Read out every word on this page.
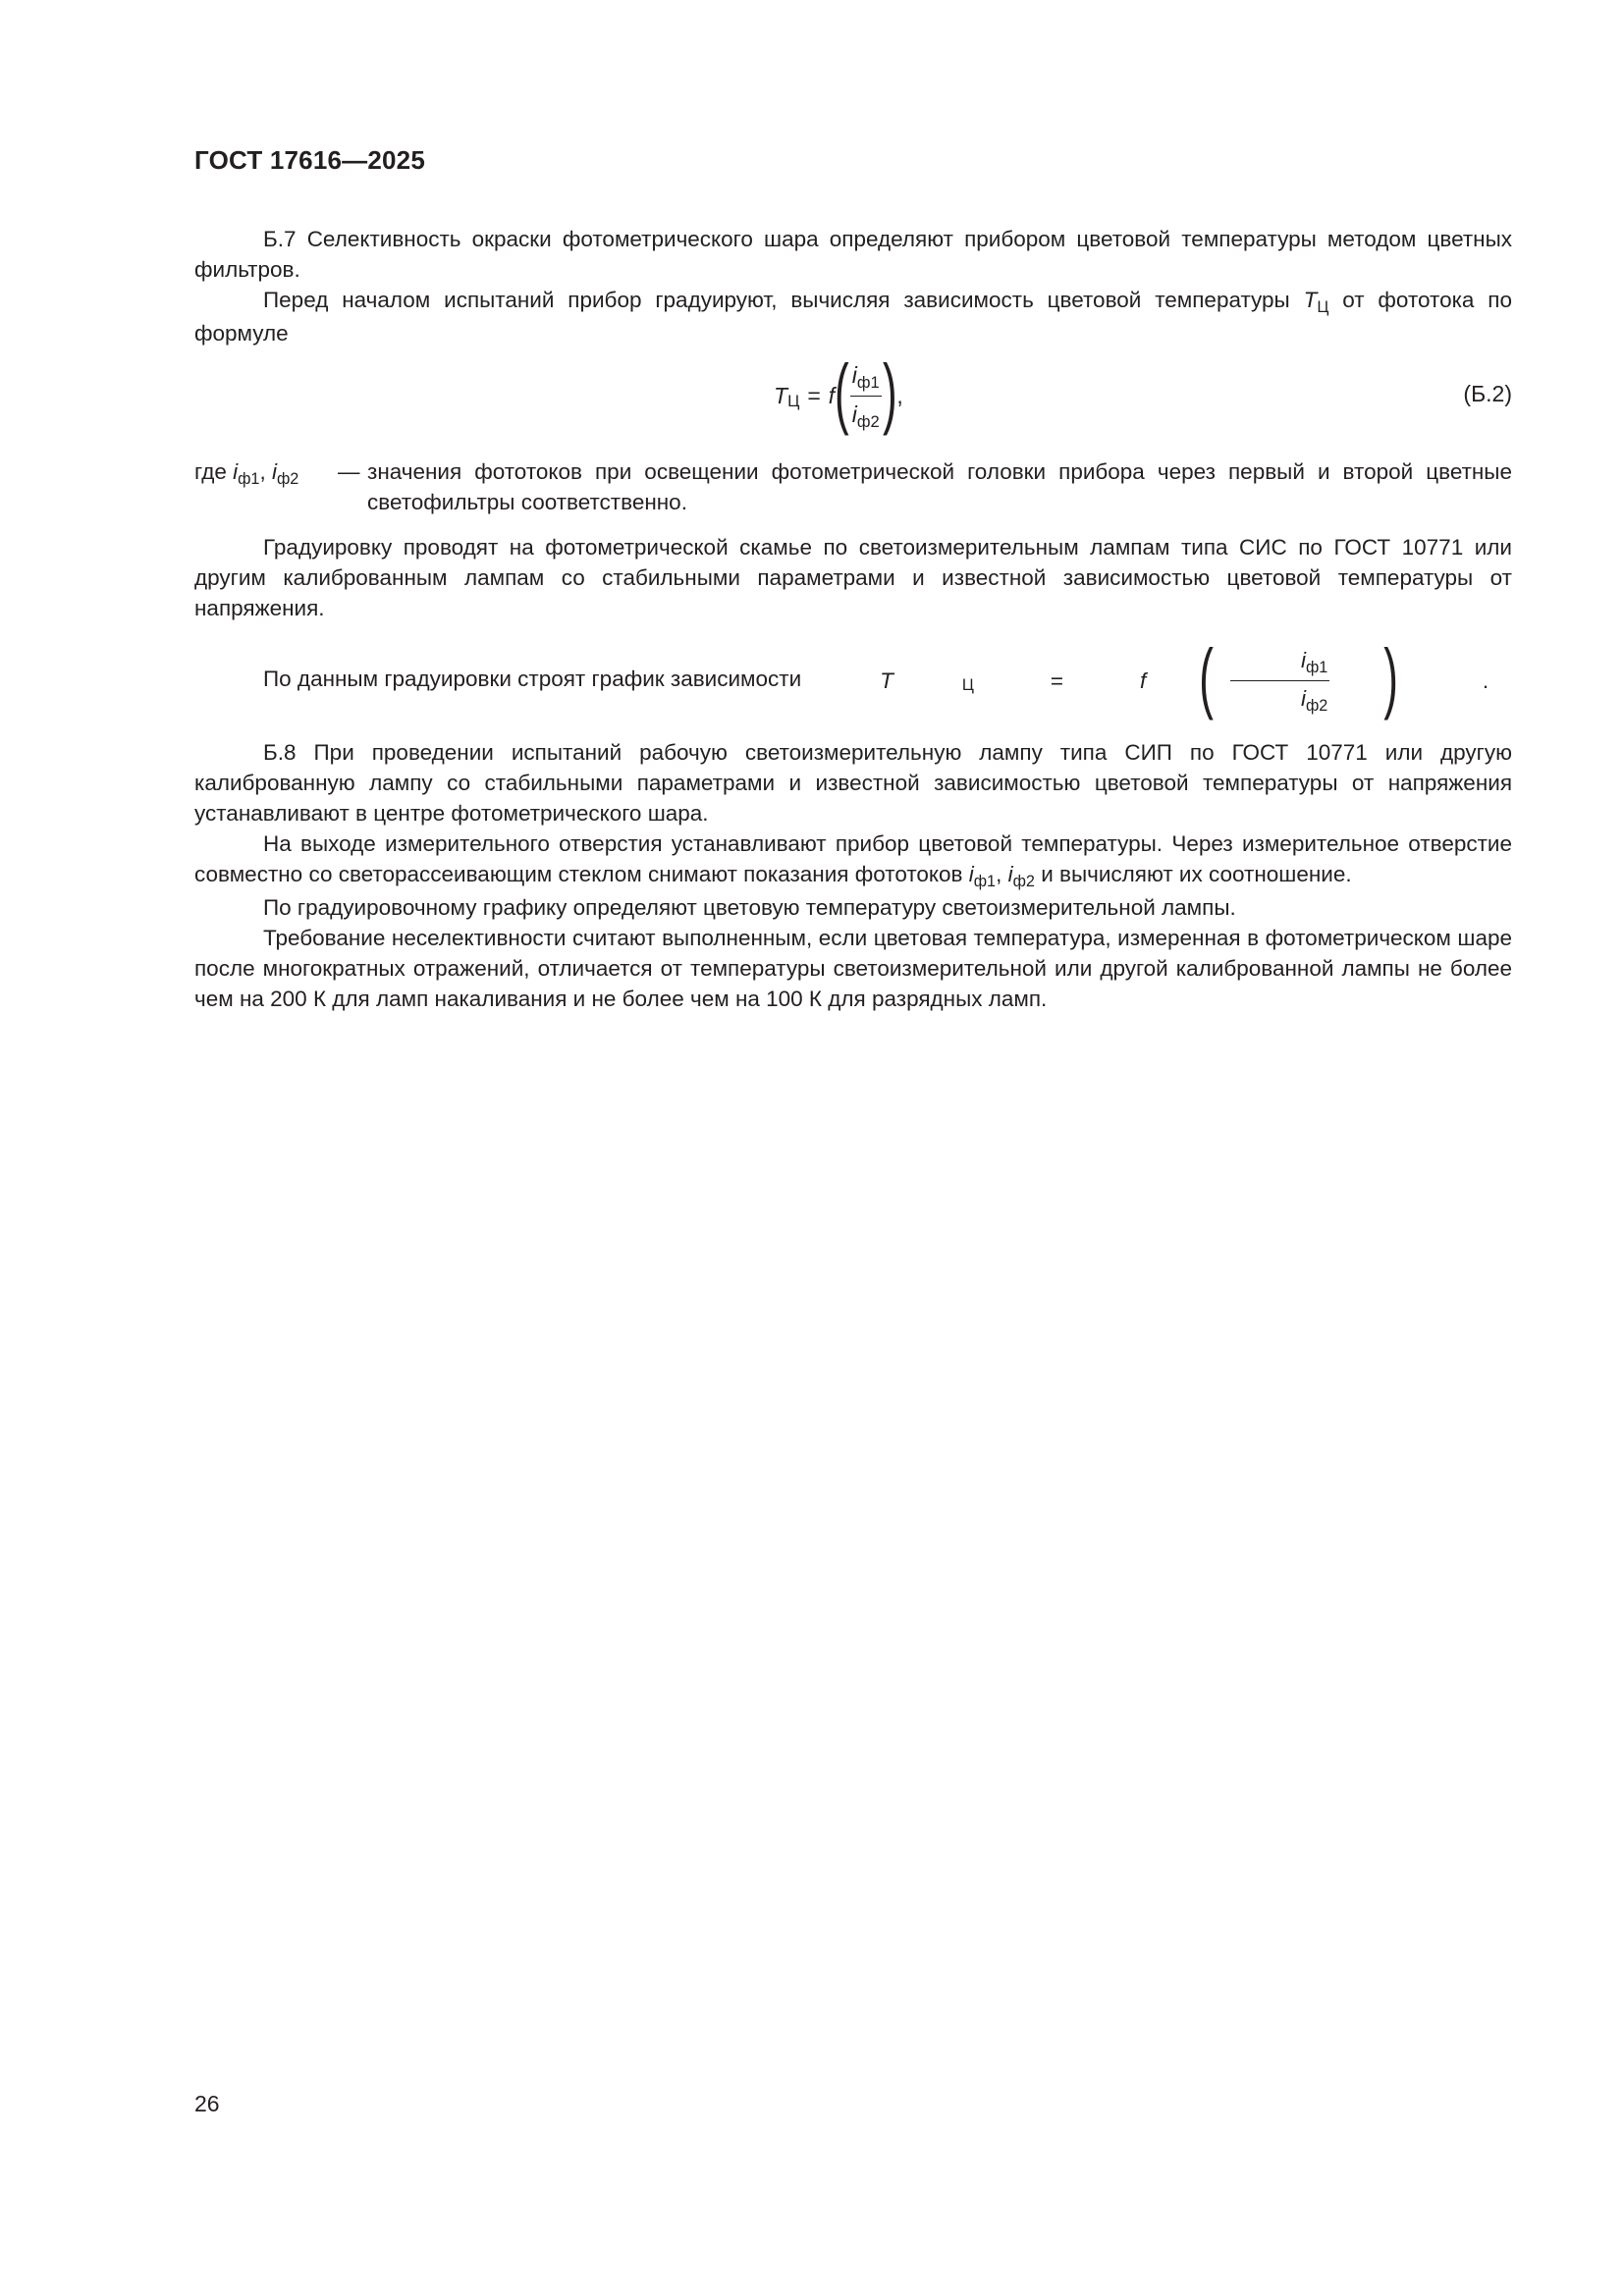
ГОСТ 17616—2025

Б.7 Селективность окраски фотометрического шара определяют прибором цветовой температуры методом цветных фильтров.

Перед началом испытаний прибор градуируют, вычисляя зависимость цветовой температуры $T_Ц$ от фототока по формуле

T Ц = f ( $\frac{i_{ф1}}{i_{ф2}}$ ) ,	(Б.2)
где $i_{ф1}$, $i_{ф2}$	— значения фототоков при освещении фотометрической головки прибора через первый и второй цветные светофильтры соответственно.

Градуировку проводят на фотометрической скамье по светоизмерительным лампам типа СИС по ГОСТ 10771 или другим калиброванным лампам со стабильными параметрами и известной зависимостью цветовой температуры от напряжения.

По данным градуировки строят график зависимости	T	Ц	=	f ( $\frac{i_{ф1}}{i_{ф2}}$ )	.

Б.8 При проведении испытаний рабочую светоизмерительную лампу типа СИП по ГОСТ 10771 или другую калиброванную лампу со стабильными параметрами и известной зависимостью цветовой температуры от напряжения устанавливают в центре фотометрического шара.

На выходе измерительного отверстия устанавливают прибор цветовой температуры. Через измерительное отверстие совместно со светорассеивающим стеклом снимают показания фототоков $i_{ф1}$, $i_{ф2}$ и вычисляют их соотношение.

По градуировочному графику определяют цветовую температуру светоизмерительной лампы.

Требование неселективности считают выполненным, если цветовая температура, измеренная в фотометрическом шаре после многократных отражений, отличается от температуры светоизмерительной или другой калиброванной лампы не более чем на 200 К для ламп накаливания и не более чем на 100 К для разрядных ламп.

26
